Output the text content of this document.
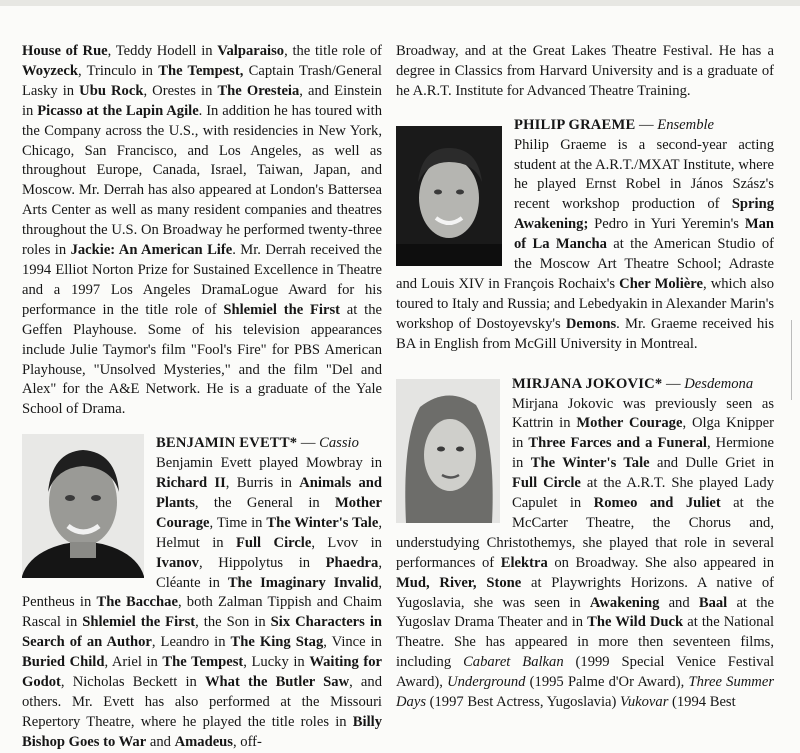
House of Rue, Teddy Hodell in Valparaiso, the title role of Woyzeck, Trinculo in The Tempest, Captain Trash/General Lasky in Ubu Rock, Orestes in The Oresteia, and Einstein in Picasso at the Lapin Agile. In addition he has toured with the Company across the U.S., with residencies in New York, Chicago, San Francisco, and Los Angeles, as well as throughout Europe, Canada, Israel, Taiwan, Japan, and Moscow. Mr. Derrah has also appeared at London's Battersea Arts Center as well as many resident companies and theatres throughout the U.S. On Broadway he performed twenty-three roles in Jackie: An American Life. Mr. Derrah received the 1994 Elliot Norton Prize for Sustained Excellence in Theatre and a 1997 Los Angeles DramaLogue Award for his performance in the title role of Shlemiel the First at the Geffen Playhouse. Some of his television appearances include Julie Taymor's film "Fool's Fire" for PBS American Playhouse, "Unsolved Mysteries," and the film "Del and Alex" for the A&E Network. He is a graduate of the Yale School of Drama.

BENJAMIN EVETT* — Cassio
Benjamin Evett played Mowbray in Richard II, Burris in Animals and Plants, the General in Mother Courage, Time in The Winter's Tale, Helmut in Full Circle, Lvov in Ivanov, Hippolytus in Phaedra, Cléante in The Imaginary Invalid, Pentheus in The Bacchae, both Zalman Tippish and Chaim Rascal in Shlemiel the First, the Son in Six Characters in Search of an Author, Leandro in The King Stag, Vince in Buried Child, Ariel in The Tempest, Lucky in Waiting for Godot, Nicholas Beckett in What the Butler Saw, and others. Mr. Evett has also performed at the Missouri Repertory Theatre, where he played the title roles in Billy Bishop Goes to War and Amadeus, off-

Broadway, and at the Great Lakes Theatre Festival. He has a degree in Classics from Harvard University and is a graduate of he A.R.T. Institute for Advanced Theatre Training.

PHILIP GRAEME — Ensemble
Philip Graeme is a second-year acting student at the A.R.T./MXAT Institute, where he played Ernst Robel in János Szász's recent workshop production of Spring Awakening; Pedro in Yuri Yeremin's Man of La Mancha at the American Studio of the Moscow Art Theatre School; Adraste and Louis XIV in François Rochaix's Cher Molière, which also toured to Italy and Russia; and Lebedyakin in Alexander Marin's workshop of Dostoyevsky's Demons. Mr. Graeme received his BA in English from McGill University in Montreal.

MIRJANA JOKOVIC* — Desdemona
Mirjana Jokovic was previously seen as Kattrin in Mother Courage, Olga Knipper in Three Farces and a Funeral, Hermione in The Winter's Tale and Dulle Griet in Full Circle at the A.R.T. She played Lady Capulet in Romeo and Juliet at the McCarter Theatre, the Chorus and, understudying Christothemys, she played that role in several performances of Elektra on Broadway. She also appeared in Mud, River, Stone at Playwrights Horizons. A native of Yugoslavia, she was seen in Awakening and Baal at the Yugoslav Drama Theater and in The Wild Duck at the National Theatre. She has appeared in more then seventeen films, including Cabaret Balkan (1999 Special Venice Festival Award), Underground (1995 Palme d'Or Award), Three Summer Days (1997 Best Actress, Yugoslavia) Vukovar (1994 Best
